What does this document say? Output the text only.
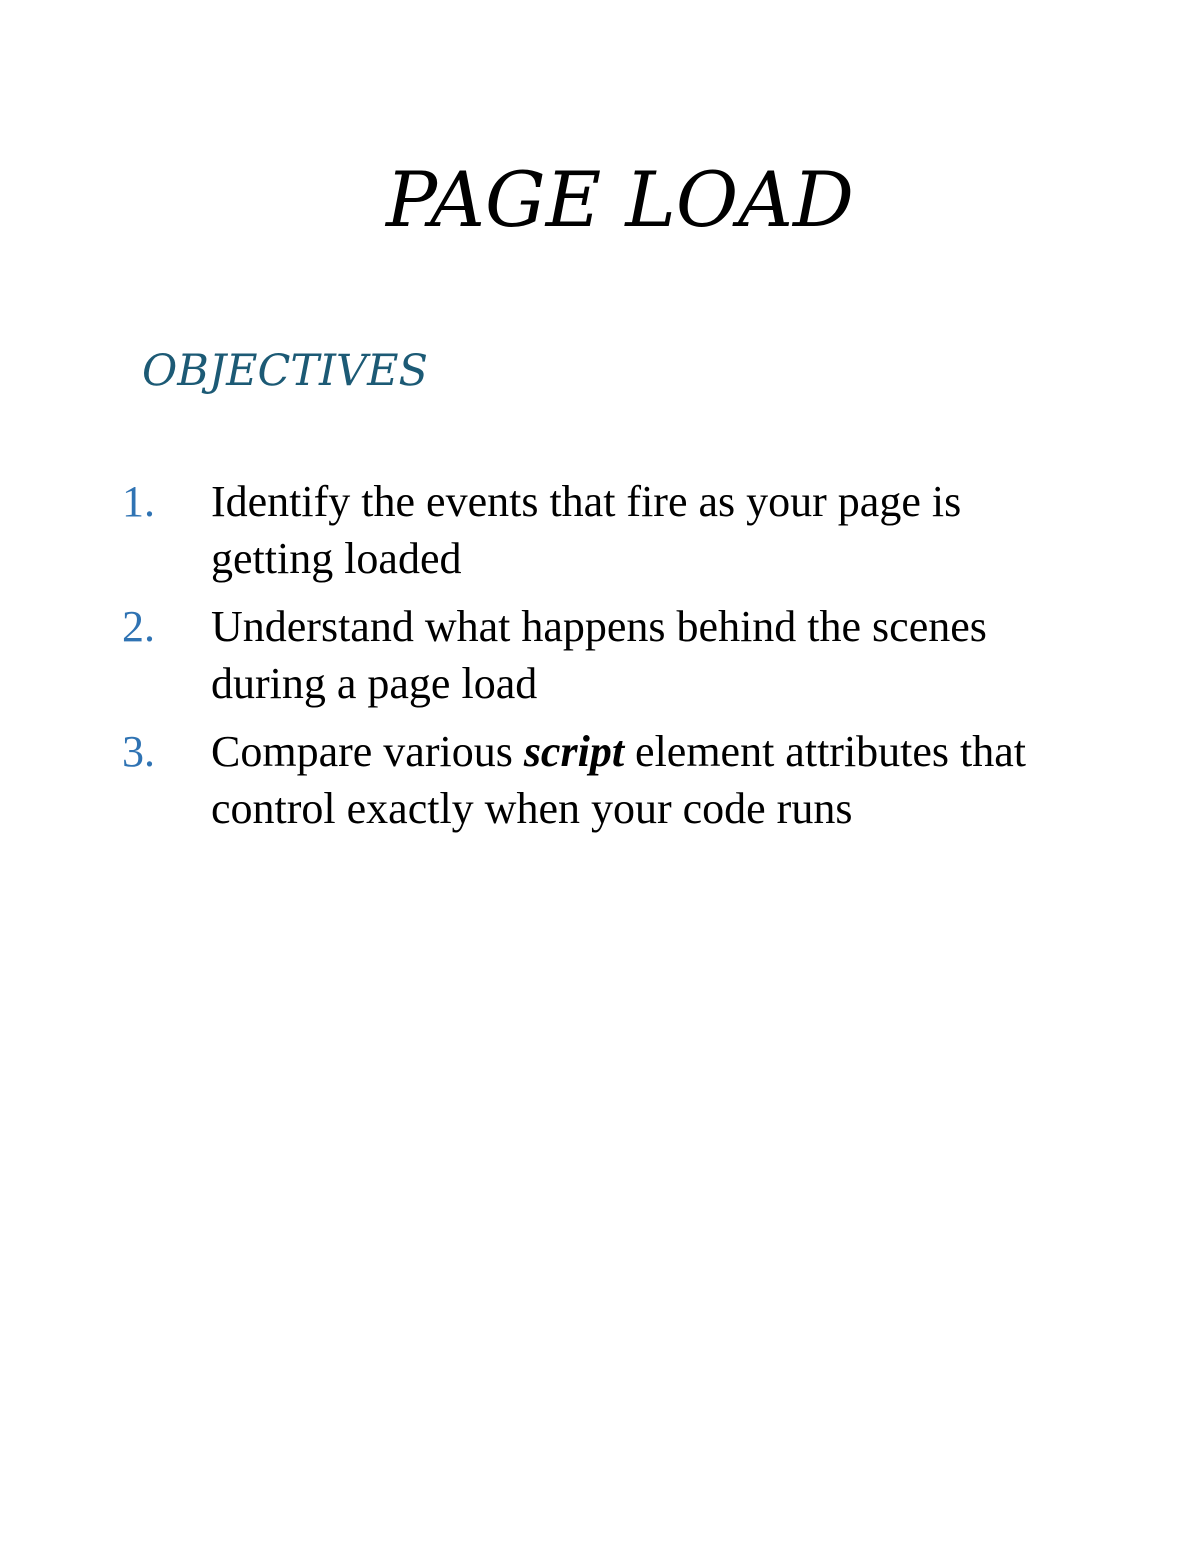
PAGE LOAD
OBJECTIVES
1. Identify the events that fire as your page is getting loaded
2. Understand what happens behind the scenes during a page load
3. Compare various script element attributes that control exactly when your code runs
